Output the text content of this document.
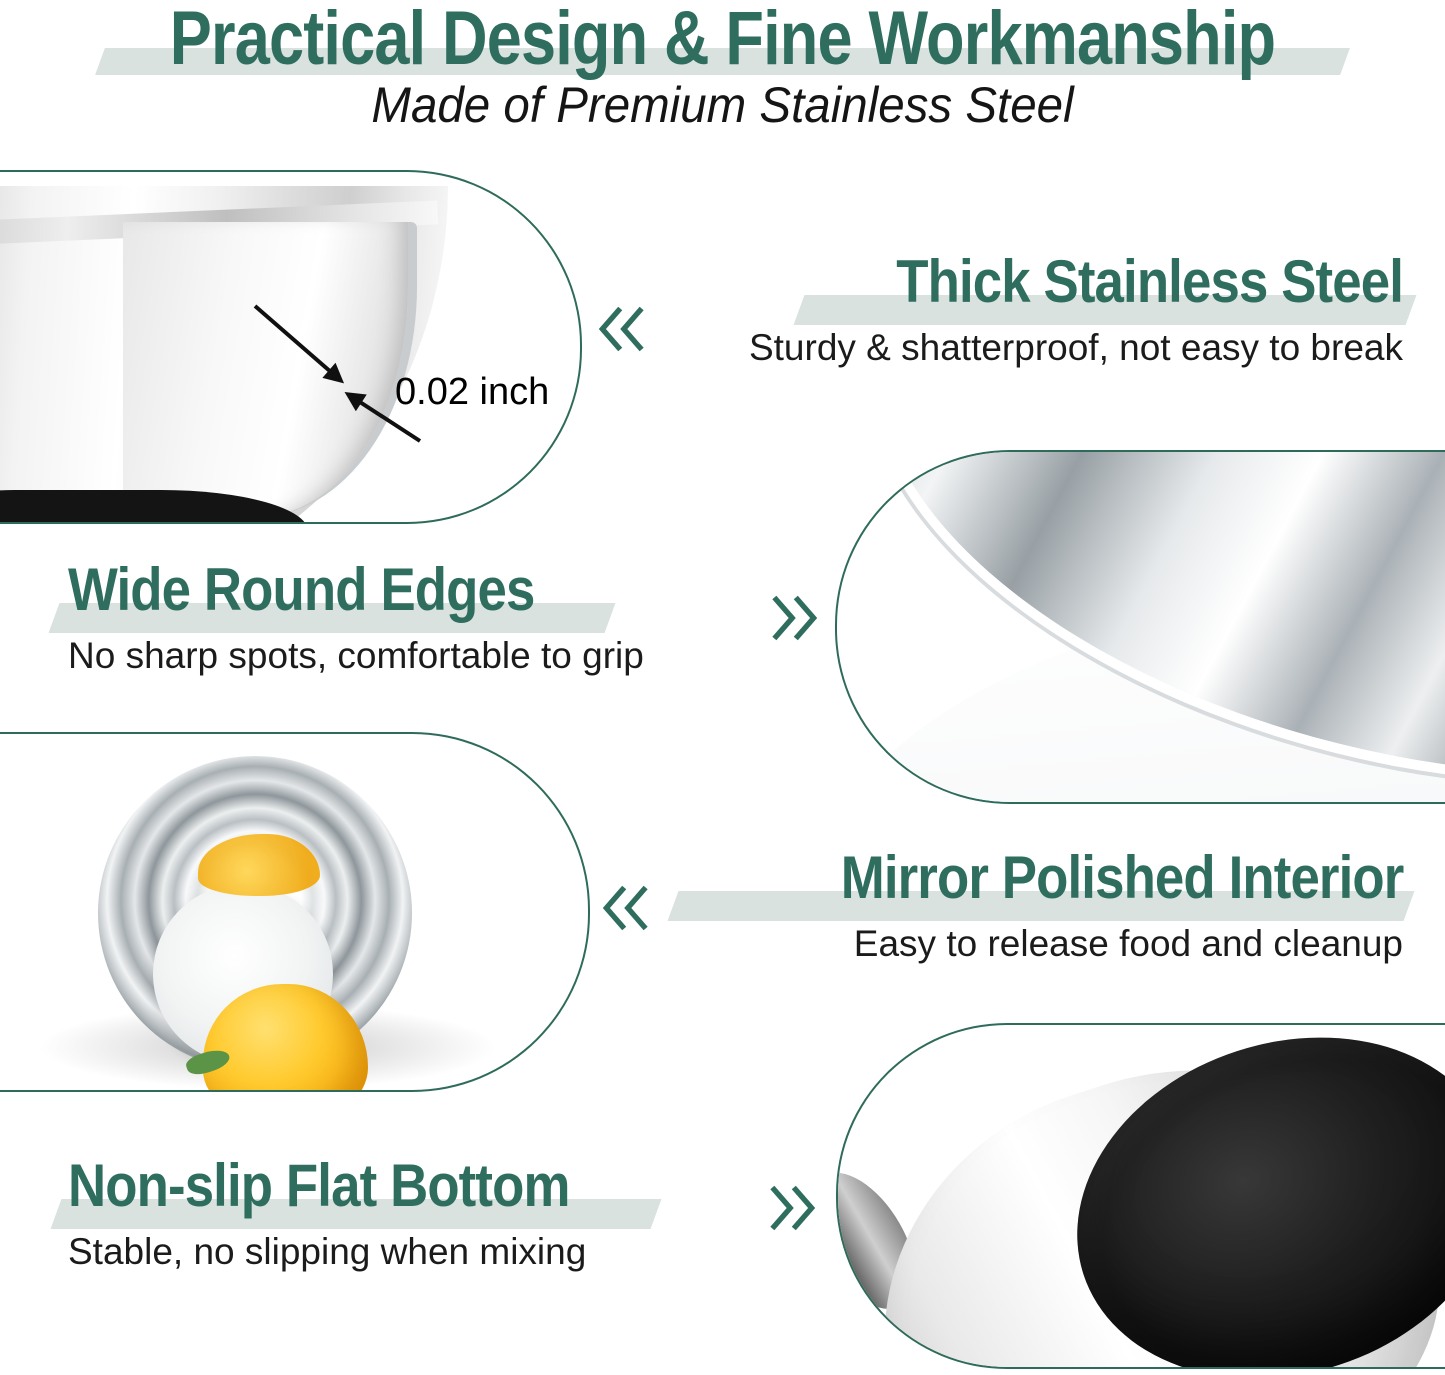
Practical Design & Fine Workmanship
Made of Premium Stainless Steel
0.02 inch
Thick Stainless Steel
Sturdy & shatterproof, not easy to break
Wide Round Edges
No sharp spots, comfortable to grip
Mirror Polished Interior
Easy to release food and cleanup
Non-slip Flat Bottom
Stable, no slipping when mixing
